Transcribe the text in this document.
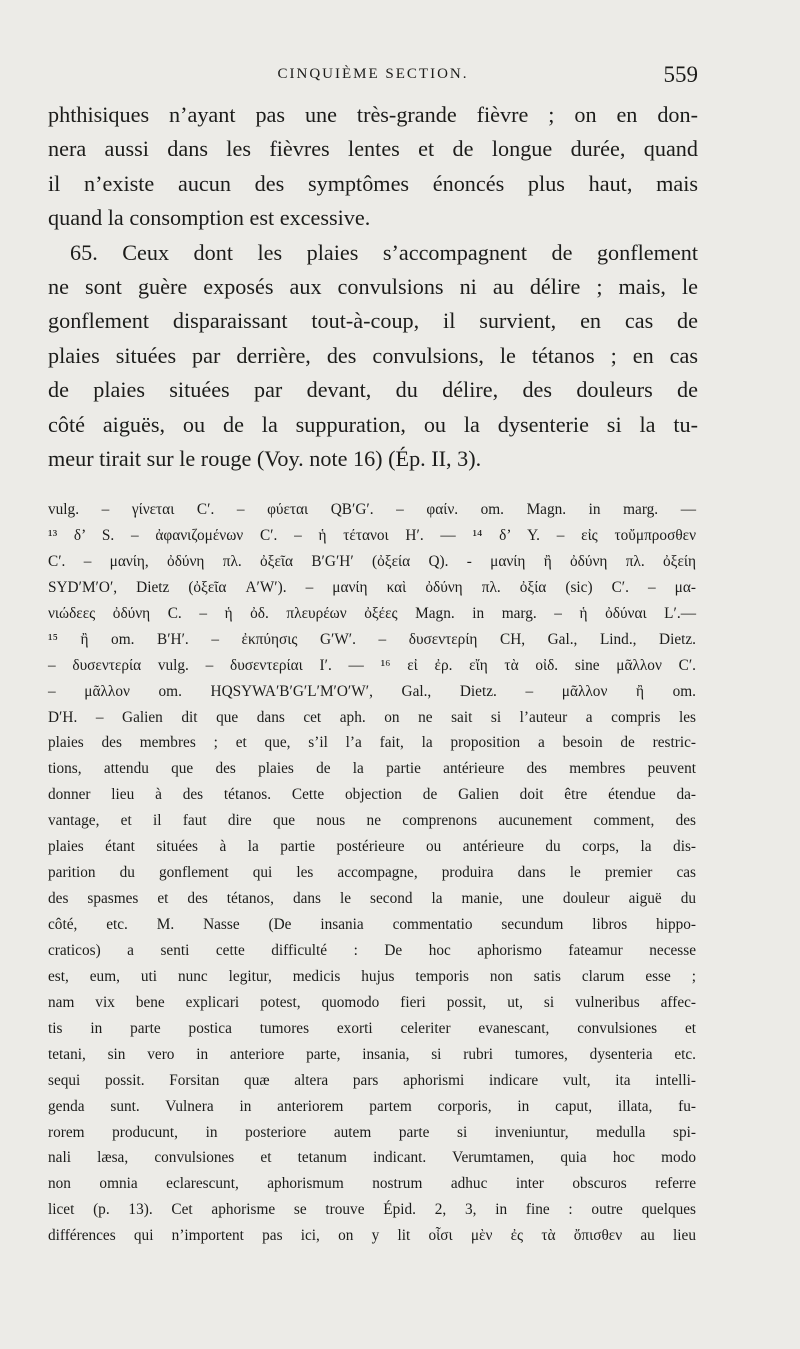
CINQUIÈME SECTION.	559
phthisiques n’ayant pas une très-grande fièvre ; on en don-
nera aussi dans les fièvres lentes et de longue durée, quand
il n’existe aucun des symptômes énoncés plus haut, mais
quand la consomption est excessive.
65. Ceux dont les plaies s’accompagnent de gonflement
ne sont guère exposés aux convulsions ni au délire ; mais, le
gonflement disparaissant tout-à-coup, il survient, en cas de
plaies situées par derrière, des convulsions, le tétanos ; en cas
de plaies situées par devant, du délire, des douleurs de
côté aiguës, ou de la suppuration, ou la dysenterie si la tu-
meur tirait sur le rouge (Voy. note 16) (Ép. II, 3).
vulg. – γίνεται C′. – φύεται QB′G′. – φαίν. om. Magn. in marg. —
¹³ δ’ S. – ἀφανιζομένων C′. – ἡ τέτανοι H′. — ¹⁴ δ’ Y. – εἰς τοὔμπροσθεν
C′. – μανίη, ὀδύνη πλ. ὀξεῖα B′G′H′ (ὀξεία Q). - μανίη ἢ ὀδύνη πλ. ὀξείη
SYD′M′O′, Dietz (ὀξεῖα A′W′). – μανίη καὶ ὀδύνη πλ. ὀξία (sic) C′. – μα-
νιώδεες ὀδύνη C. – ἡ ὀδ. πλευρέων ὀξέες Magn. in marg. – ἡ ὀδύναι L′.—
¹⁵ ἢ om. B′H′. – ἐκπύησις G′W′. – δυσεντερίη CH, Gal., Lind., Dietz.
– δυσεντερία vulg. – δυσεντερίαι I′. — ¹⁶ εἰ ἐρ. εἴη τὰ οἰδ. sine μᾶλλον C′.
– μᾶλλον om. HQSYWA′B′G′L′M′O′W′, Gal., Dietz. – μᾶλλον ἢ om.
D′H. – Galien dit que dans cet aph. on ne sait si l’auteur a compris les
plaies des membres ; et que, s’il l’a fait, la proposition a besoin de restric-
tions, attendu que des plaies de la partie antérieure des membres peuvent
donner lieu à des tétanos. Cette objection de Galien doit être étendue da-
vantage, et il faut dire que nous ne comprenons aucunement comment, des
plaies étant situées à la partie postérieure ou antérieure du corps, la dis-
parition du gonflement qui les accompagne, produira dans le premier cas
des spasmes et des tétanos, dans le second la manie, une douleur aiguë du
côté, etc. M. Nasse (De insania commentatio secundum libros hippo-
craticos) a senti cette difficulté : De hoc aphorismo fateamur necesse
est, eum, uti nunc legitur, medicis hujus temporis non satis clarum esse ;
nam vix bene explicari potest, quomodo fieri possit, ut, si vulneribus affec-
tis in parte postica tumores exorti celeriter evanescant, convulsiones et
tetani, sin vero in anteriore parte, insania, si rubri tumores, dysenteria etc.
sequi possit. Forsitan quæ altera pars aphorismi indicare vult, ita intelli-
genda sunt. Vulnera in anteriorem partem corporis, in caput, illata, fu-
rorem producunt, in posteriore autem parte si inveniuntur, medulla spi-
nali læsa, convulsiones et tetanum indicant. Verumtamen, quia hoc modo
non omnia eclarescunt, aphorismum nostrum adhuc inter obscuros referre
licet (p. 13). Cet aphorisme se trouve Épid. 2, 3, in fine : outre quelques
différences qui n’importent pas ici, on y lit οἷσι μὲν ἐς τὰ ὄπισθεν au lieu
